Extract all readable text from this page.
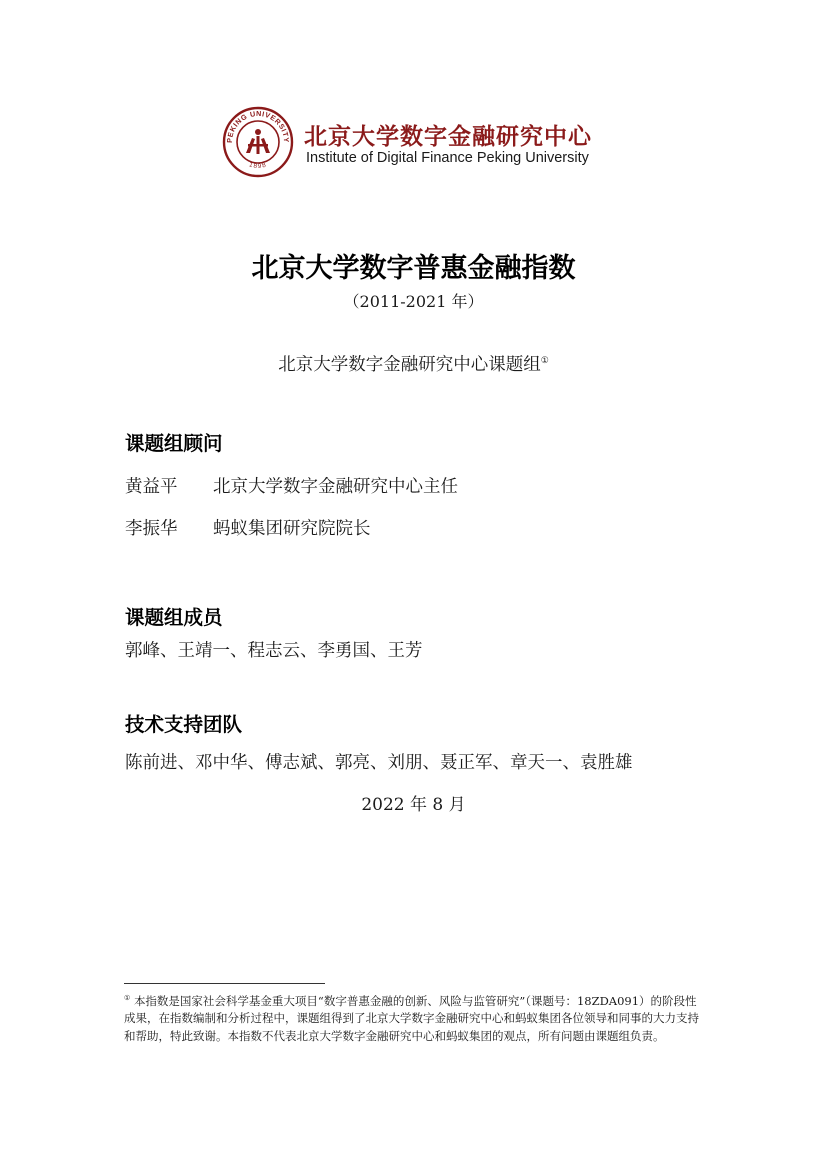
PEKING UNIVERSITY
1898
北京大学数字金融研究中心
Institute of Digital Finance Peking University
北京大学数字普惠金融指数
（2011-2021 年）
北京大学数字金融研究中心课题组①
课题组顾问
黄益平 北京大学数字金融研究中心主任
李振华 蚂蚁集团研究院院长
课题组成员
郭峰、王靖一、程志云、李勇国、王芳
技术支持团队
陈前进、邓中华、傅志斌、郭亮、刘朋、聂正军、章天一、袁胜雄
2022 年 8 月
① 本指数是国家社会科学基金重大项目“数字普惠金融的创新、风险与监管研究”（课题号：18ZDA091）的阶段性成果，在指数编制和分析过程中，课题组得到了北京大学数字金融研究中心和蚂蚁集团各位领导和同事的大力支持和帮助，特此致谢。本指数不代表北京大学数字金融研究中心和蚂蚁集团的观点，所有问题由课题组负责。
